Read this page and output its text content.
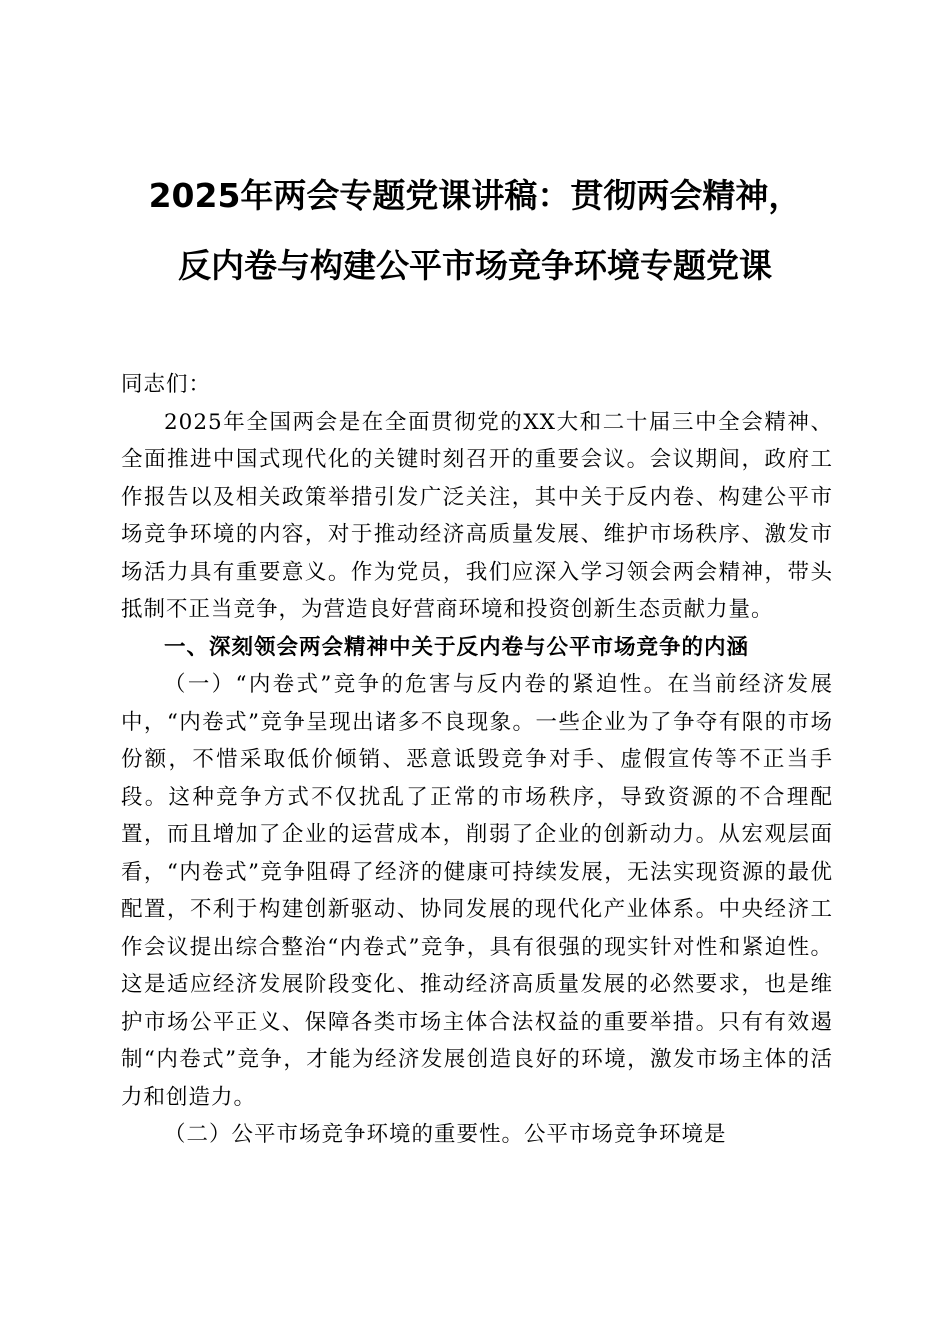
2025年两会专题党课讲稿：贯彻两会精神，
反内卷与构建公平市场竞争环境专题党课

同志们：

2025年全国两会是在全面贯彻党的XX大和二十届三中全会精神、全面推进中国式现代化的关键时刻召开的重要会议。会议期间，政府工作报告以及相关政策举措引发广泛关注，其中关于反内卷、构建公平市场竞争环境的内容，对于推动经济高质量发展、维护市场秩序、激发市场活力具有重要意义。作为党员，我们应深入学习领会两会精神，带头抵制不正当竞争，为营造良好营商环境和投资创新生态贡献力量。

一、深刻领会两会精神中关于反内卷与公平市场竞争的内涵

（一）“内卷式”竞争的危害与反内卷的紧迫性。在当前经济发展中，“内卷式”竞争呈现出诸多不良现象。一些企业为了争夺有限的市场份额，不惜采取低价倾销、恶意诋毁竞争对手、虚假宣传等不正当手段。这种竞争方式不仅扰乱了正常的市场秩序，导致资源的不合理配置，而且增加了企业的运营成本，削弱了企业的创新动力。从宏观层面看，“内卷式”竞争阻碍了经济的健康可持续发展，无法实现资源的最优配置，不利于构建创新驱动、协同发展的现代化产业体系。中央经济工作会议提出综合整治“内卷式”竞争，具有很强的现实针对性和紧迫性。这是适应经济发展阶段变化、推动经济高质量发展的必然要求，也是维护市场公平正义、保障各类市场主体合法权益的重要举措。只有有效遏制“内卷式”竞争，才能为经济发展创造良好的环境，激发市场主体的活力和创造力。

（二）公平市场竞争环境的重要性。公平市场竞争环境是
